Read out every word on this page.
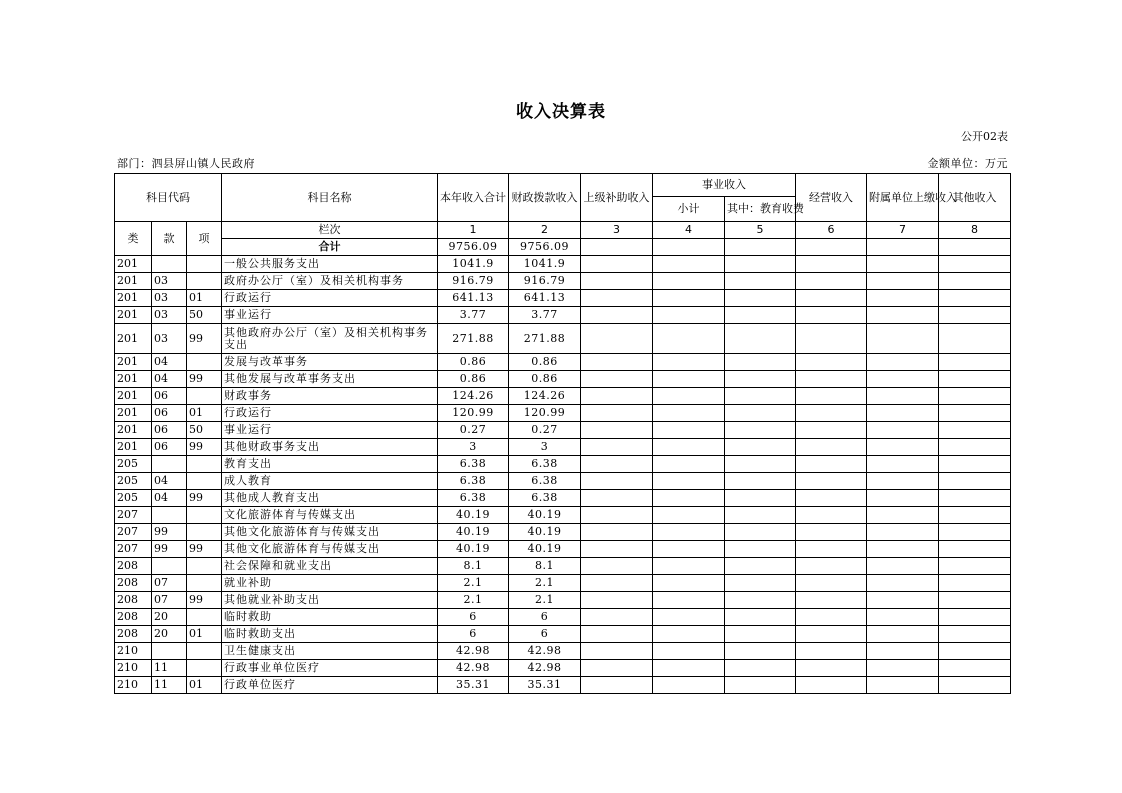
收入决算表
公开02表
部门：泗县屏山镇人民政府	金额单位：万元
科目代码			科目名称	本年收入合计	财政拨款收入	上级补助收入	事业收入		经营收入	附属单位上缴收入	其他收入
							小计	其中：教育收费			
类	款	项	栏次	1	2	3	4	5	6	7	8
			合计	9756.09	9756.09						
201			一般公共服务支出	1041.9	1041.9						
201	03		政府办公厅（室）及相关机构事务	916.79	916.79						
201	03	01	行政运行	641.13	641.13						
201	03	50	事业运行	3.77	3.77						
201	03	99	其他政府办公厅（室）及相关机构事务支出	271.88	271.88						
201	04		发展与改革事务	0.86	0.86						
201	04	99	其他发展与改革事务支出	0.86	0.86						
201	06		财政事务	124.26	124.26						
201	06	01	行政运行	120.99	120.99						
201	06	50	事业运行	0.27	0.27						
201	06	99	其他财政事务支出	3	3						
205			教育支出	6.38	6.38						
205	04		成人教育	6.38	6.38						
205	04	99	其他成人教育支出	6.38	6.38						
207			文化旅游体育与传媒支出	40.19	40.19						
207	99		其他文化旅游体育与传媒支出	40.19	40.19						
207	99	99	其他文化旅游体育与传媒支出	40.19	40.19						
208			社会保障和就业支出	8.1	8.1						
208	07		就业补助	2.1	2.1						
208	07	99	其他就业补助支出	2.1	2.1						
208	20		临时救助	6	6						
208	20	01	临时救助支出	6	6						
210			卫生健康支出	42.98	42.98						
210	11		行政事业单位医疗	42.98	42.98						
210	11	01	行政单位医疗	35.31	35.31						
